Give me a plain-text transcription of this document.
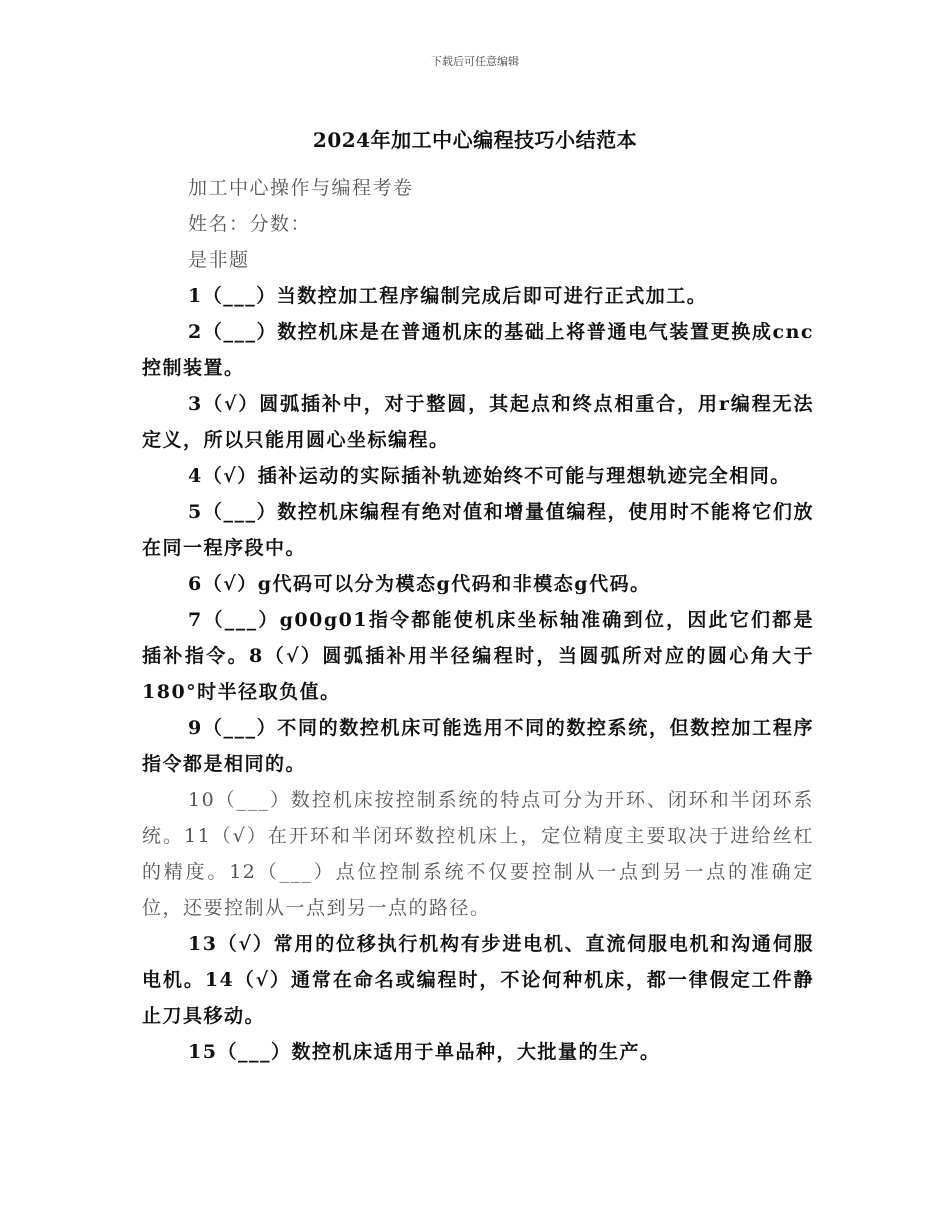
下载后可任意编辑
2024年加工中心编程技巧小结范本

加工中心操作与编程考卷

姓名：分数：

是非题

1（___）当数控加工程序编制完成后即可进行正式加工。

2（___）数控机床是在普通机床的基础上将普通电气装置更换成cnc控制装置。

3（√）圆弧插补中，对于整圆，其起点和终点相重合，用r编程无法定义，所以只能用圆心坐标编程。

4（√）插补运动的实际插补轨迹始终不可能与理想轨迹完全相同。

5（___）数控机床编程有绝对值和增量值编程，使用时不能将它们放在同一程序段中。

6（√）g代码可以分为模态g代码和非模态g代码。

7（___）g00g01指令都能使机床坐标轴准确到位，因此它们都是插补指令。8（√）圆弧插补用半径编程时，当圆弧所对应的圆心角大于180°时半径取负值。

9（___）不同的数控机床可能选用不同的数控系统，但数控加工程序指令都是相同的。

10（___）数控机床按控制系统的特点可分为开环、闭环和半闭环系统。11（√）在开环和半闭环数控机床上，定位精度主要取决于进给丝杠的精度。12（___）点位控制系统不仅要控制从一点到另一点的准确定位，还要控制从一点到另一点的路径。

13（√）常用的位移执行机构有步进电机、直流伺服电机和沟通伺服电机。14（√）通常在命名或编程时，不论何种机床，都一律假定工件静止刀具移动。

15（___）数控机床适用于单品种，大批量的生产。
